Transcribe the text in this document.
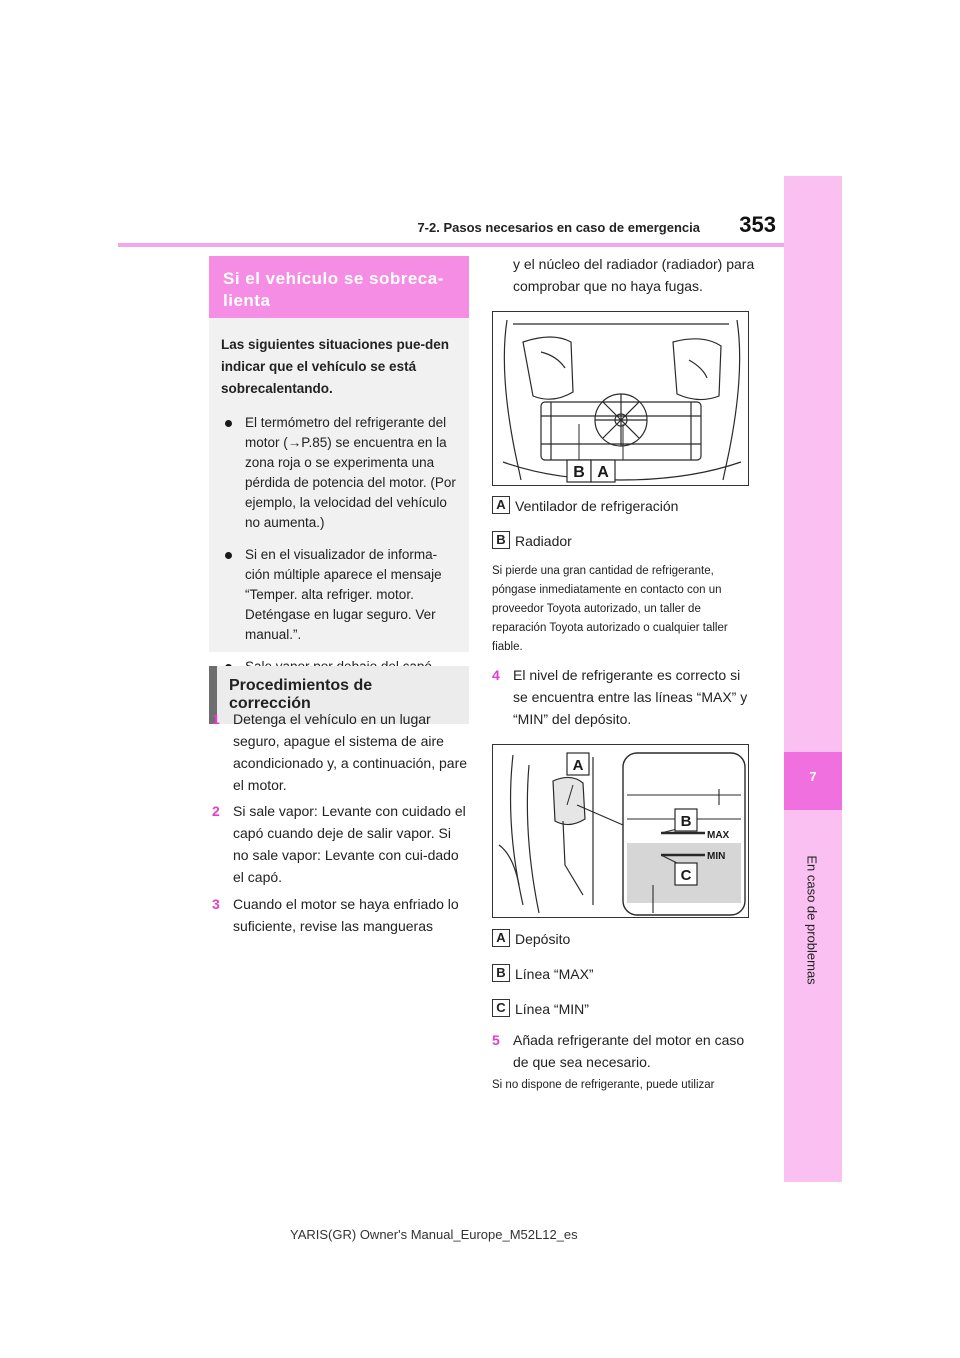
7-2. Pasos necesarios en caso de emergencia	353
7
En caso de problemas
Si el vehículo se sobreca-lienta
Las siguientes situaciones pue-den indicar que el vehículo se está sobrecalentando.
El termómetro del refrigerante del motor (→P.85) se encuentra en la zona roja o se experimenta una pérdida de potencia del motor. (Por ejemplo, la velocidad del vehículo no aumenta.)
Si en el visualizador de informa-ción múltiple aparece el mensaje “Temper. alta refriger. motor. Deténgase en lugar seguro. Ver manual.”.
Procedimientos de corrección
1 Detenga el vehículo en un lugar seguro, apague el sistema de aire acondicionado y, a continuación, pare el motor.
2 Si sale vapor: Levante con cuidado el capó cuando deje de salir vapor. Si no sale vapor: Levante con cui-dado el capó.
3 Cuando el motor se haya enfriado lo suficiente, revise las mangueras
y el núcleo del radiador (radiador) para comprobar que no haya fugas.
B A
A Ventilador de refrigeración
B Radiador
Si pierde una gran cantidad de refrigerante, póngase inmediatamente en contacto con un proveedor Toyota autorizado, un taller de reparación Toyota autorizado o cualquier taller fiable.
4 El nivel de refrigerante es correcto si se encuentra entre las líneas “MAX” y “MIN” del depósito.
MAX
MIN
A
B
C
A Depósito
B Línea “MAX”
C Línea “MIN”
5 Añada refrigerante del motor en caso de que sea necesario.
Si no dispone de refrigerante, puede utilizar
YARIS(GR) Owner's Manual_Europe_M52L12_es
